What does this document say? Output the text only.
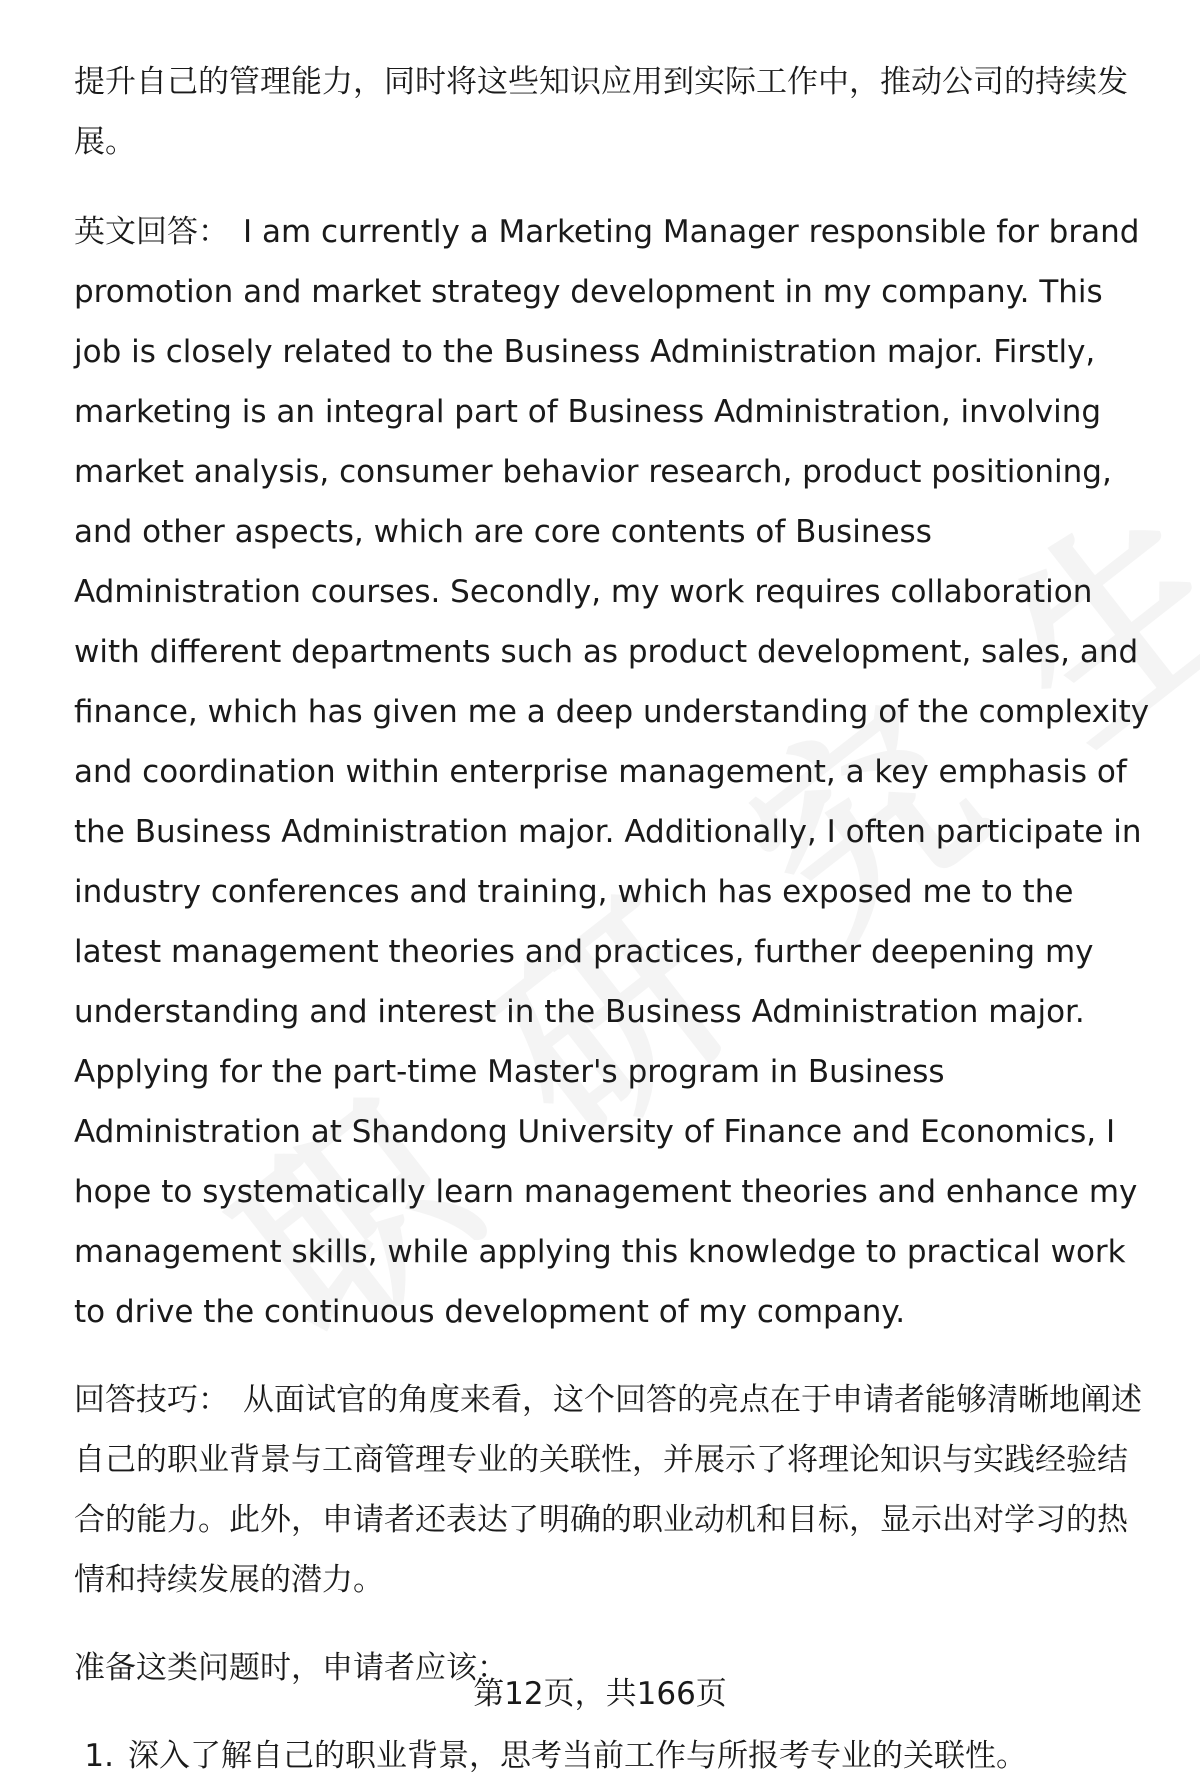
提升自己的管理能力，同时将这些知识应用到实际工作中，推动公司的持续发展。

英文回答： I am currently a Marketing Manager responsible for brand promotion and market strategy development in my company. This job is closely related to the Business Administration major. Firstly, marketing is an integral part of Business Administration, involving market analysis, consumer behavior research, product positioning, and other aspects, which are core contents of Business Administration courses. Secondly, my work requires collaboration with different departments such as product development, sales, and finance, which has given me a deep understanding of the complexity and coordination within enterprise management, a key emphasis of the Business Administration major. Additionally, I often participate in industry conferences and training, which has exposed me to the latest management theories and practices, further deepening my understanding and interest in the Business Administration major. Applying for the part-time Master's program in Business Administration at Shandong University of Finance and Economics, I hope to systematically learn management theories and enhance my management skills, while applying this knowledge to practical work to drive the continuous development of my company.

回答技巧： 从面试官的角度来看，这个回答的亮点在于申请者能够清晰地阐述自己的职业背景与工商管理专业的关联性，并展示了将理论知识与实践经验结合的能力。此外，申请者还表达了明确的职业动机和目标，显示出对学习的热情和持续发展的潜力。

准备这类问题时，申请者应该：

1. 深入了解自己的职业背景，思考当前工作与所报考专业的关联性。
第12页，共166页
